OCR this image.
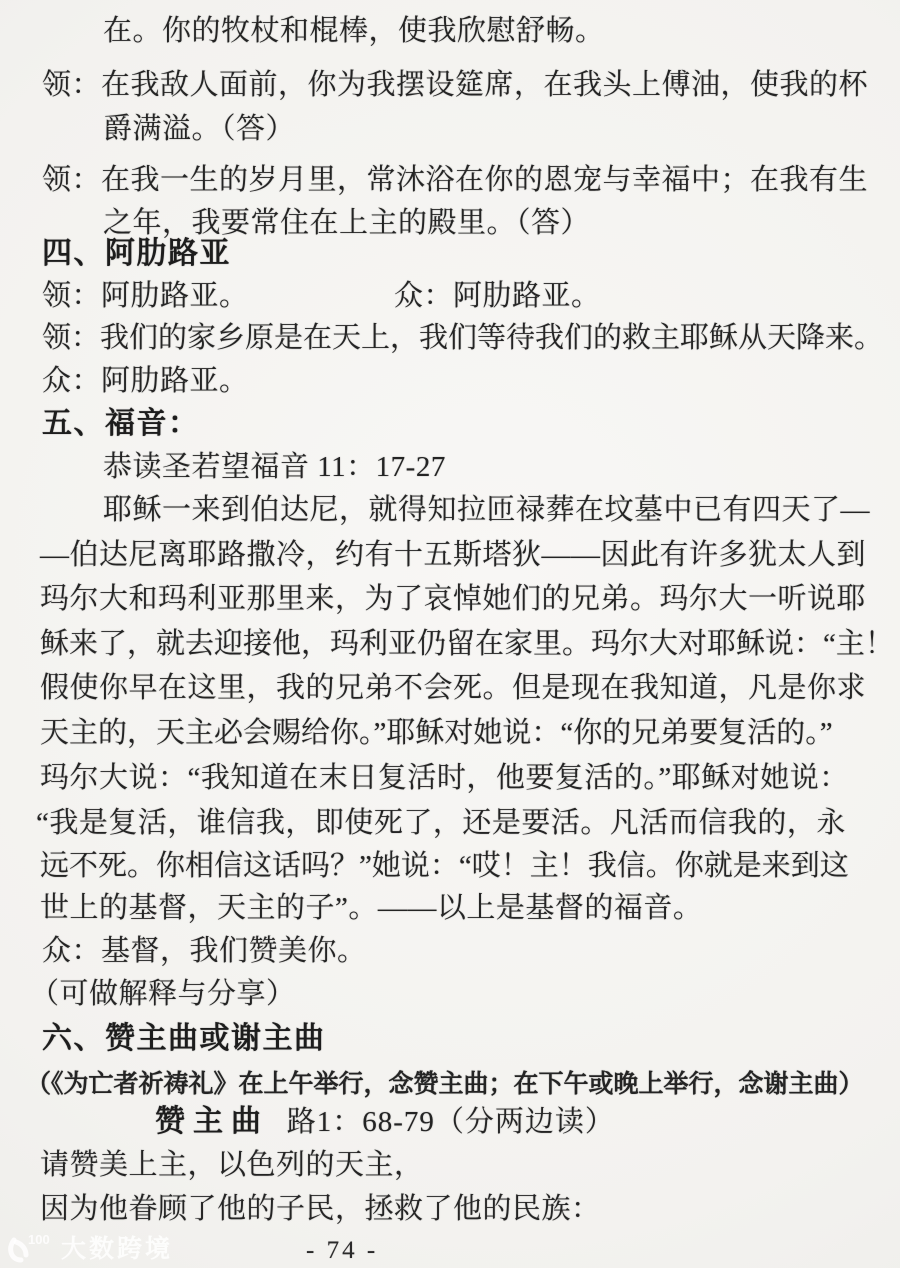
在。你的牧杖和棍棒，使我欣慰舒畅。
领：在我敌人面前，你为我摆设筵席，在我头上傅油，使我的杯
爵满溢。（答）
领：在我一生的岁月里，常沐浴在你的恩宠与幸福中；在我有生
之年，我要常住在上主的殿里。（答）
四、阿肋路亚
领：阿肋路亚。	众：阿肋路亚。
领：我们的家乡原是在天上，我们等待我们的救主耶稣从天降来。
众：阿肋路亚。
五、福音：
恭读圣若望福音 11：17-27
耶稣一来到伯达尼，就得知拉匝禄葬在坟墓中已有四天了—
—伯达尼离耶路撒冷，约有十五斯塔狄——因此有许多犹太人到
玛尔大和玛利亚那里来，为了哀悼她们的兄弟。玛尔大一听说耶
稣来了，就去迎接他，玛利亚仍留在家里。玛尔大对耶稣说：“主！
假使你早在这里，我的兄弟不会死。但是现在我知道，凡是你求
天主的，天主必会赐给你。”耶稣对她说：“你的兄弟要复活的。”
玛尔大说：“我知道在末日复活时，他要复活的。”耶稣对她说：
“我是复活，谁信我，即使死了，还是要活。凡活而信我的，永
远不死。你相信这话吗？”她说：“哎！主！我信。你就是来到这
世上的基督，天主的子”。——以上是基督的福音。
众：基督，我们赞美你。
（可做解释与分享）
六、赞主曲或谢主曲
（《为亡者祈祷礼》在上午举行，念赞主曲；在下午或晚上举行，念谢主曲）
赞主曲 路1：68-79（分两边读）
请赞美上主，以色列的天主，
因为他眷顾了他的子民，拯救了他的民族：
- 74 -
100 大数跨境
